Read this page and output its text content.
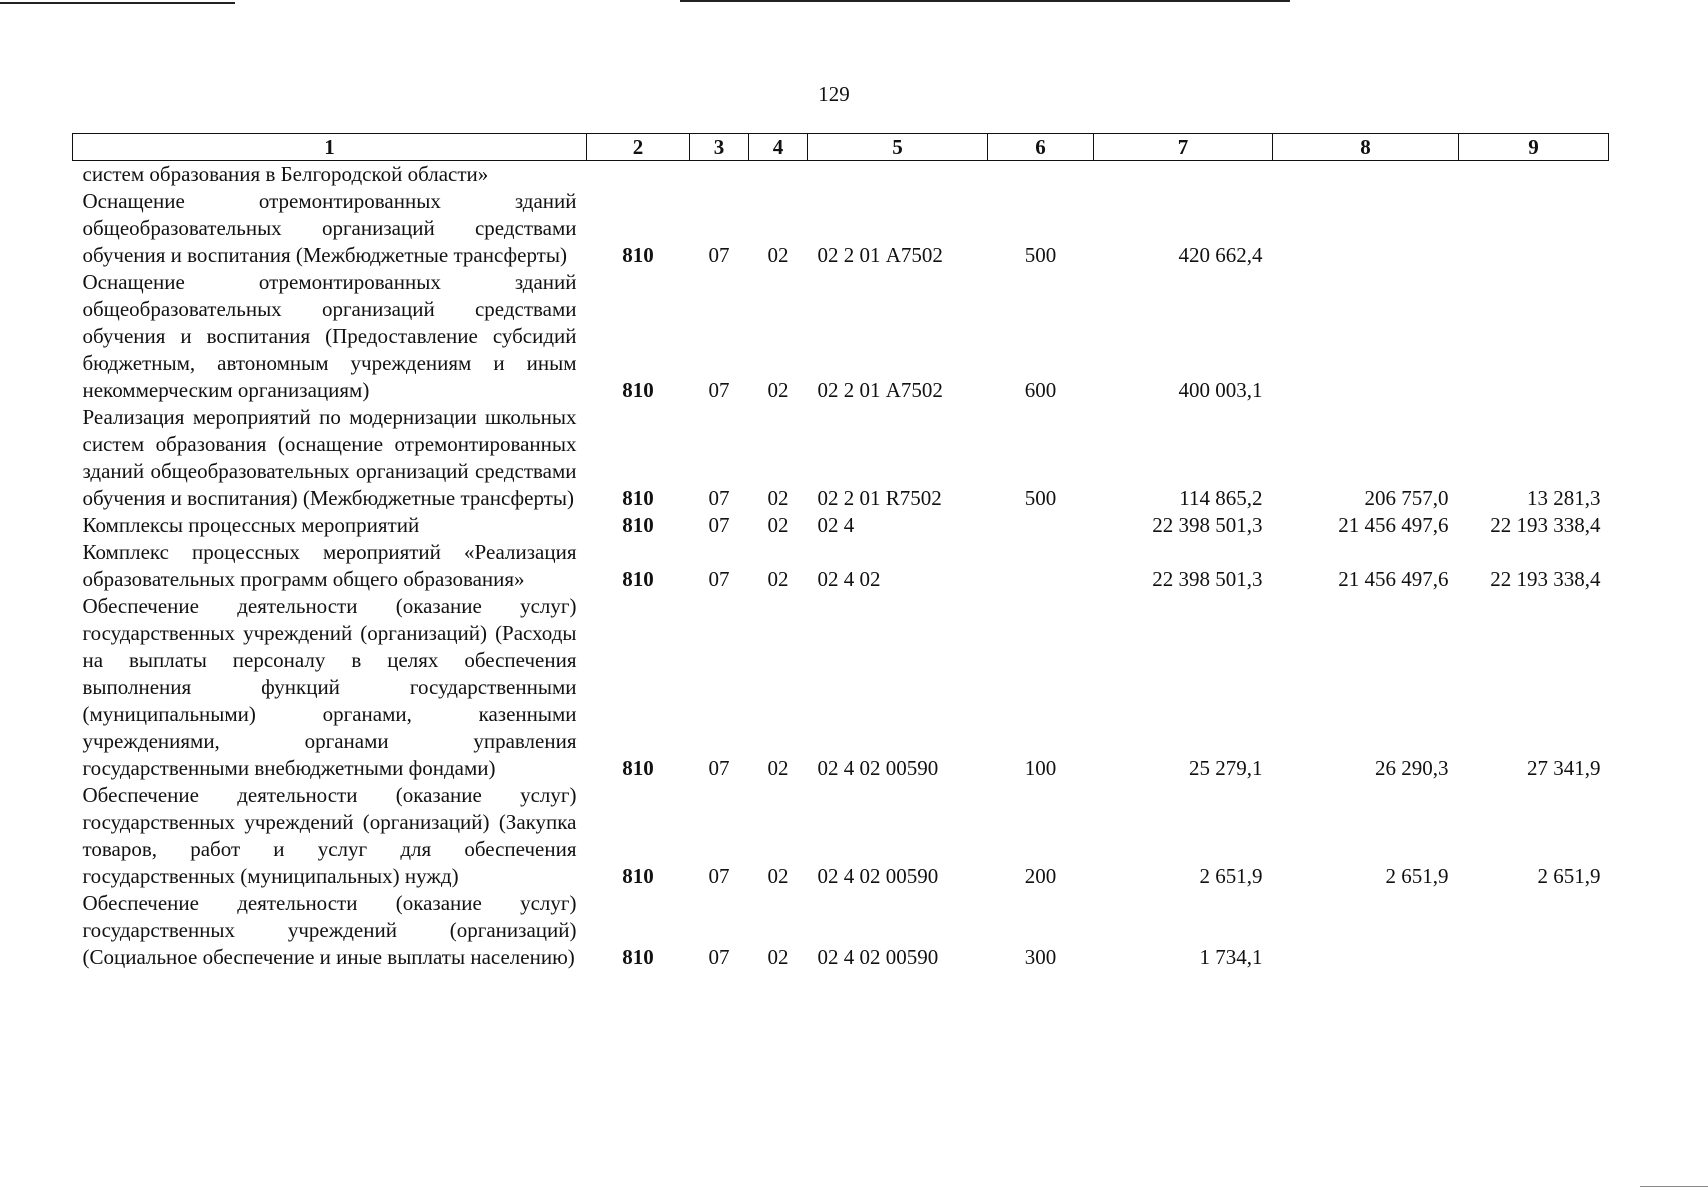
129
1	2	3	4	5	6	7	8	9
систем образования в Белгородской области»								
Оснащение отремонтированных зданий общеобразовательных организаций средствами обучения и воспитания (Межбюджетные трансферты)	810	07	02	02 2 01 А7502	500	420 662,4		
Оснащение отремонтированных зданий общеобразовательных организаций средствами обучения и воспитания (Предоставление субсидий бюджетным, автономным учреждениям и иным некоммерческим организациям)	810	07	02	02 2 01 А7502	600	400 003,1		
Реализация мероприятий по модернизации школьных систем образования (оснащение отремонтированных зданий общеобразовательных организаций средствами обучения и воспитания) (Межбюджетные трансферты)	810	07	02	02 2 01 R7502	500	114 865,2	206 757,0	13 281,3
Комплексы процессных мероприятий	810	07	02	02 4		22 398 501,3	21 456 497,6	22 193 338,4
Комплекс процессных мероприятий «Реализация образовательных программ общего образования»	810	07	02	02 4 02		22 398 501,3	21 456 497,6	22 193 338,4
Обеспечение деятельности (оказание услуг) государственных учреждений (организаций) (Расходы на выплаты персоналу в целях обеспечения выполнения функций государственными (муниципальными) органами, казенными учреждениями, органами управления государственными внебюджетными фондами)	810	07	02	02 4 02 00590	100	25 279,1	26 290,3	27 341,9
Обеспечение деятельности (оказание услуг) государственных учреждений (организаций) (Закупка товаров, работ и услуг для обеспечения государственных (муниципальных) нужд)	810	07	02	02 4 02 00590	200	2 651,9	2 651,9	2 651,9
Обеспечение деятельности (оказание услуг) государственных учреждений (организаций) (Социальное обеспечение и иные выплаты населению)	810	07	02	02 4 02 00590	300	1 734,1		
